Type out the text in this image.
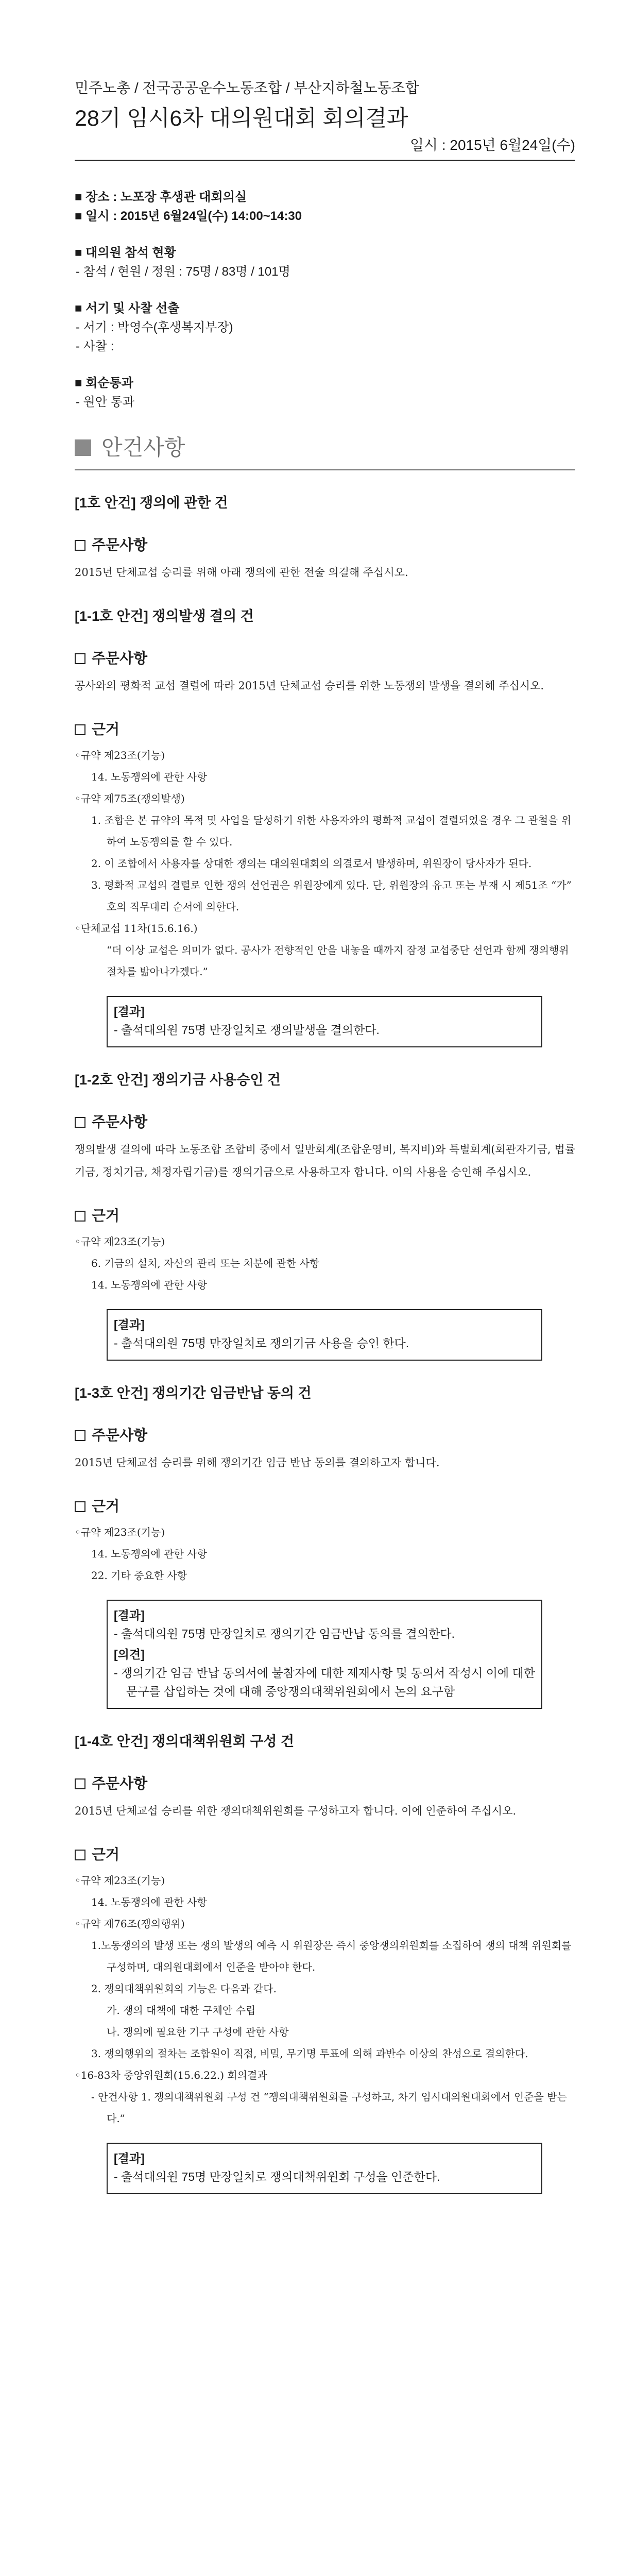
민주노총 / 전국공공운수노동조합 / 부산지하철노동조합

28기 임시6차 대의원대회 회의결과

일시 : 2015년 6월24일(수)

■ 장소 : 노포장 후생관 대회의실

■ 일시 : 2015년 6월24일(수) 14:00~14:30

■ 대의원 참석 현황

- 참석 / 현원 / 정원 : 75명 / 83명 / 101명

■ 서기 및 사찰 선출

- 서기 : 박영수(후생복지부장)

- 사찰 :

■ 회순통과

- 원안 통과

안건사항

[1호 안건] 쟁의에 관한 건

주문사항

2015년 단체교섭 승리를 위해 아래 쟁의에 관한 전술 의결해 주십시오.

[1-1호 안건] 쟁의발생 결의 건

주문사항

공사와의 평화적 교섭 결렬에 따라 2015년 단체교섭 승리를 위한 노동쟁의 발생을 결의해 주십시오.

근거

◦규약 제23조(기능)

14. 노동쟁의에 관한 사항

◦규약 제75조(쟁의발생)

1. 조합은 본 규약의 목적 및 사업을 달성하기 위한 사용자와의 평화적 교섭이 결렬되었을 경우 그 관철을 위하여 노동쟁의를 할 수 있다.

2. 이 조합에서 사용자를 상대한 쟁의는 대의원대회의 의결로서 발생하며, 위원장이 당사자가 된다.

3. 평화적 교섭의 결렬로 인한 쟁의 선언권은 위원장에게 있다. 단, 위원장의 유고 또는 부재 시 제51조 “가” 호의 직무대리 순서에 의한다.

◦단체교섭 11차(15.6.16.)

“더 이상 교섭은 의미가 없다. 공사가 전향적인 안을 내놓을 때까지 잠정 교섭중단 선언과 함께 쟁의행위 절차를 밟아나가겠다.”

[결과]

- 출석대의원 75명 만장일치로 쟁의발생을 결의한다.

[1-2호 안건] 쟁의기금 사용승인 건

주문사항

쟁의발생 결의에 따라 노동조합 조합비 중에서 일반회계(조합운영비, 복지비)와 특별회계(회관자기금, 법률기금, 정치기금, 채정자립기금)를 쟁의기금으로 사용하고자 합니다. 이의 사용을 승인해 주십시오.

근거

◦규약 제23조(기능)

6. 기금의 설치, 자산의 관리 또는 처분에 관한 사항

14. 노동쟁의에 관한 사항

[결과]

- 출석대의원 75명 만장일치로 쟁의기금 사용을 승인 한다.

[1-3호 안건] 쟁의기간 임금반납 동의 건

주문사항

2015년 단체교섭 승리를 위해 쟁의기간 임금 반납 동의를 결의하고자 합니다.

근거

◦규약 제23조(기능)

14. 노동쟁의에 관한 사항

22. 기타 중요한 사항

[결과]

- 출석대의원 75명 만장일치로 쟁의기간 임금반납 동의를 결의한다.

[의견]

- 쟁의기간 임금 반납 동의서에 불참자에 대한 제재사항 및 동의서 작성시 이에 대한 문구를 삽입하는 것에 대해 중앙쟁의대책위원회에서 논의 요구함

[1-4호 안건] 쟁의대책위원회 구성 건

주문사항

2015년 단체교섭 승리를 위한 쟁의대책위원회를 구성하고자 합니다. 이에 인준하여 주십시오.

근거

◦규약 제23조(기능)

14. 노동쟁의에 관한 사항

◦규약 제76조(쟁의행위)

1.노동쟁의의 발생 또는 쟁의 발생의 예측 시 위원장은 즉시 중앙쟁의위원회를 소집하여 쟁의 대책 위원회를 구성하며, 대의원대회에서 인준을 받아야 한다.

2. 쟁의대책위원회의 기능은 다음과 같다.

가. 쟁의 대책에 대한 구체안 수립

나. 쟁의에 필요한 기구 구성에 관한 사항

3. 쟁의행위의 절차는 조합원이 직접, 비밀, 무기명 투표에 의해 과반수 이상의 찬성으로 결의한다.

◦16-83차 중앙위원회(15.6.22.) 회의결과

- 안건사항 1. 쟁의대책위원회 구성 건 “쟁의대책위원회를 구성하고, 차기 임시대의원대회에서 인준을 받는다.”

[결과]

- 출석대의원 75명 만장일치로 쟁의대책위원회 구성을 인준한다.
